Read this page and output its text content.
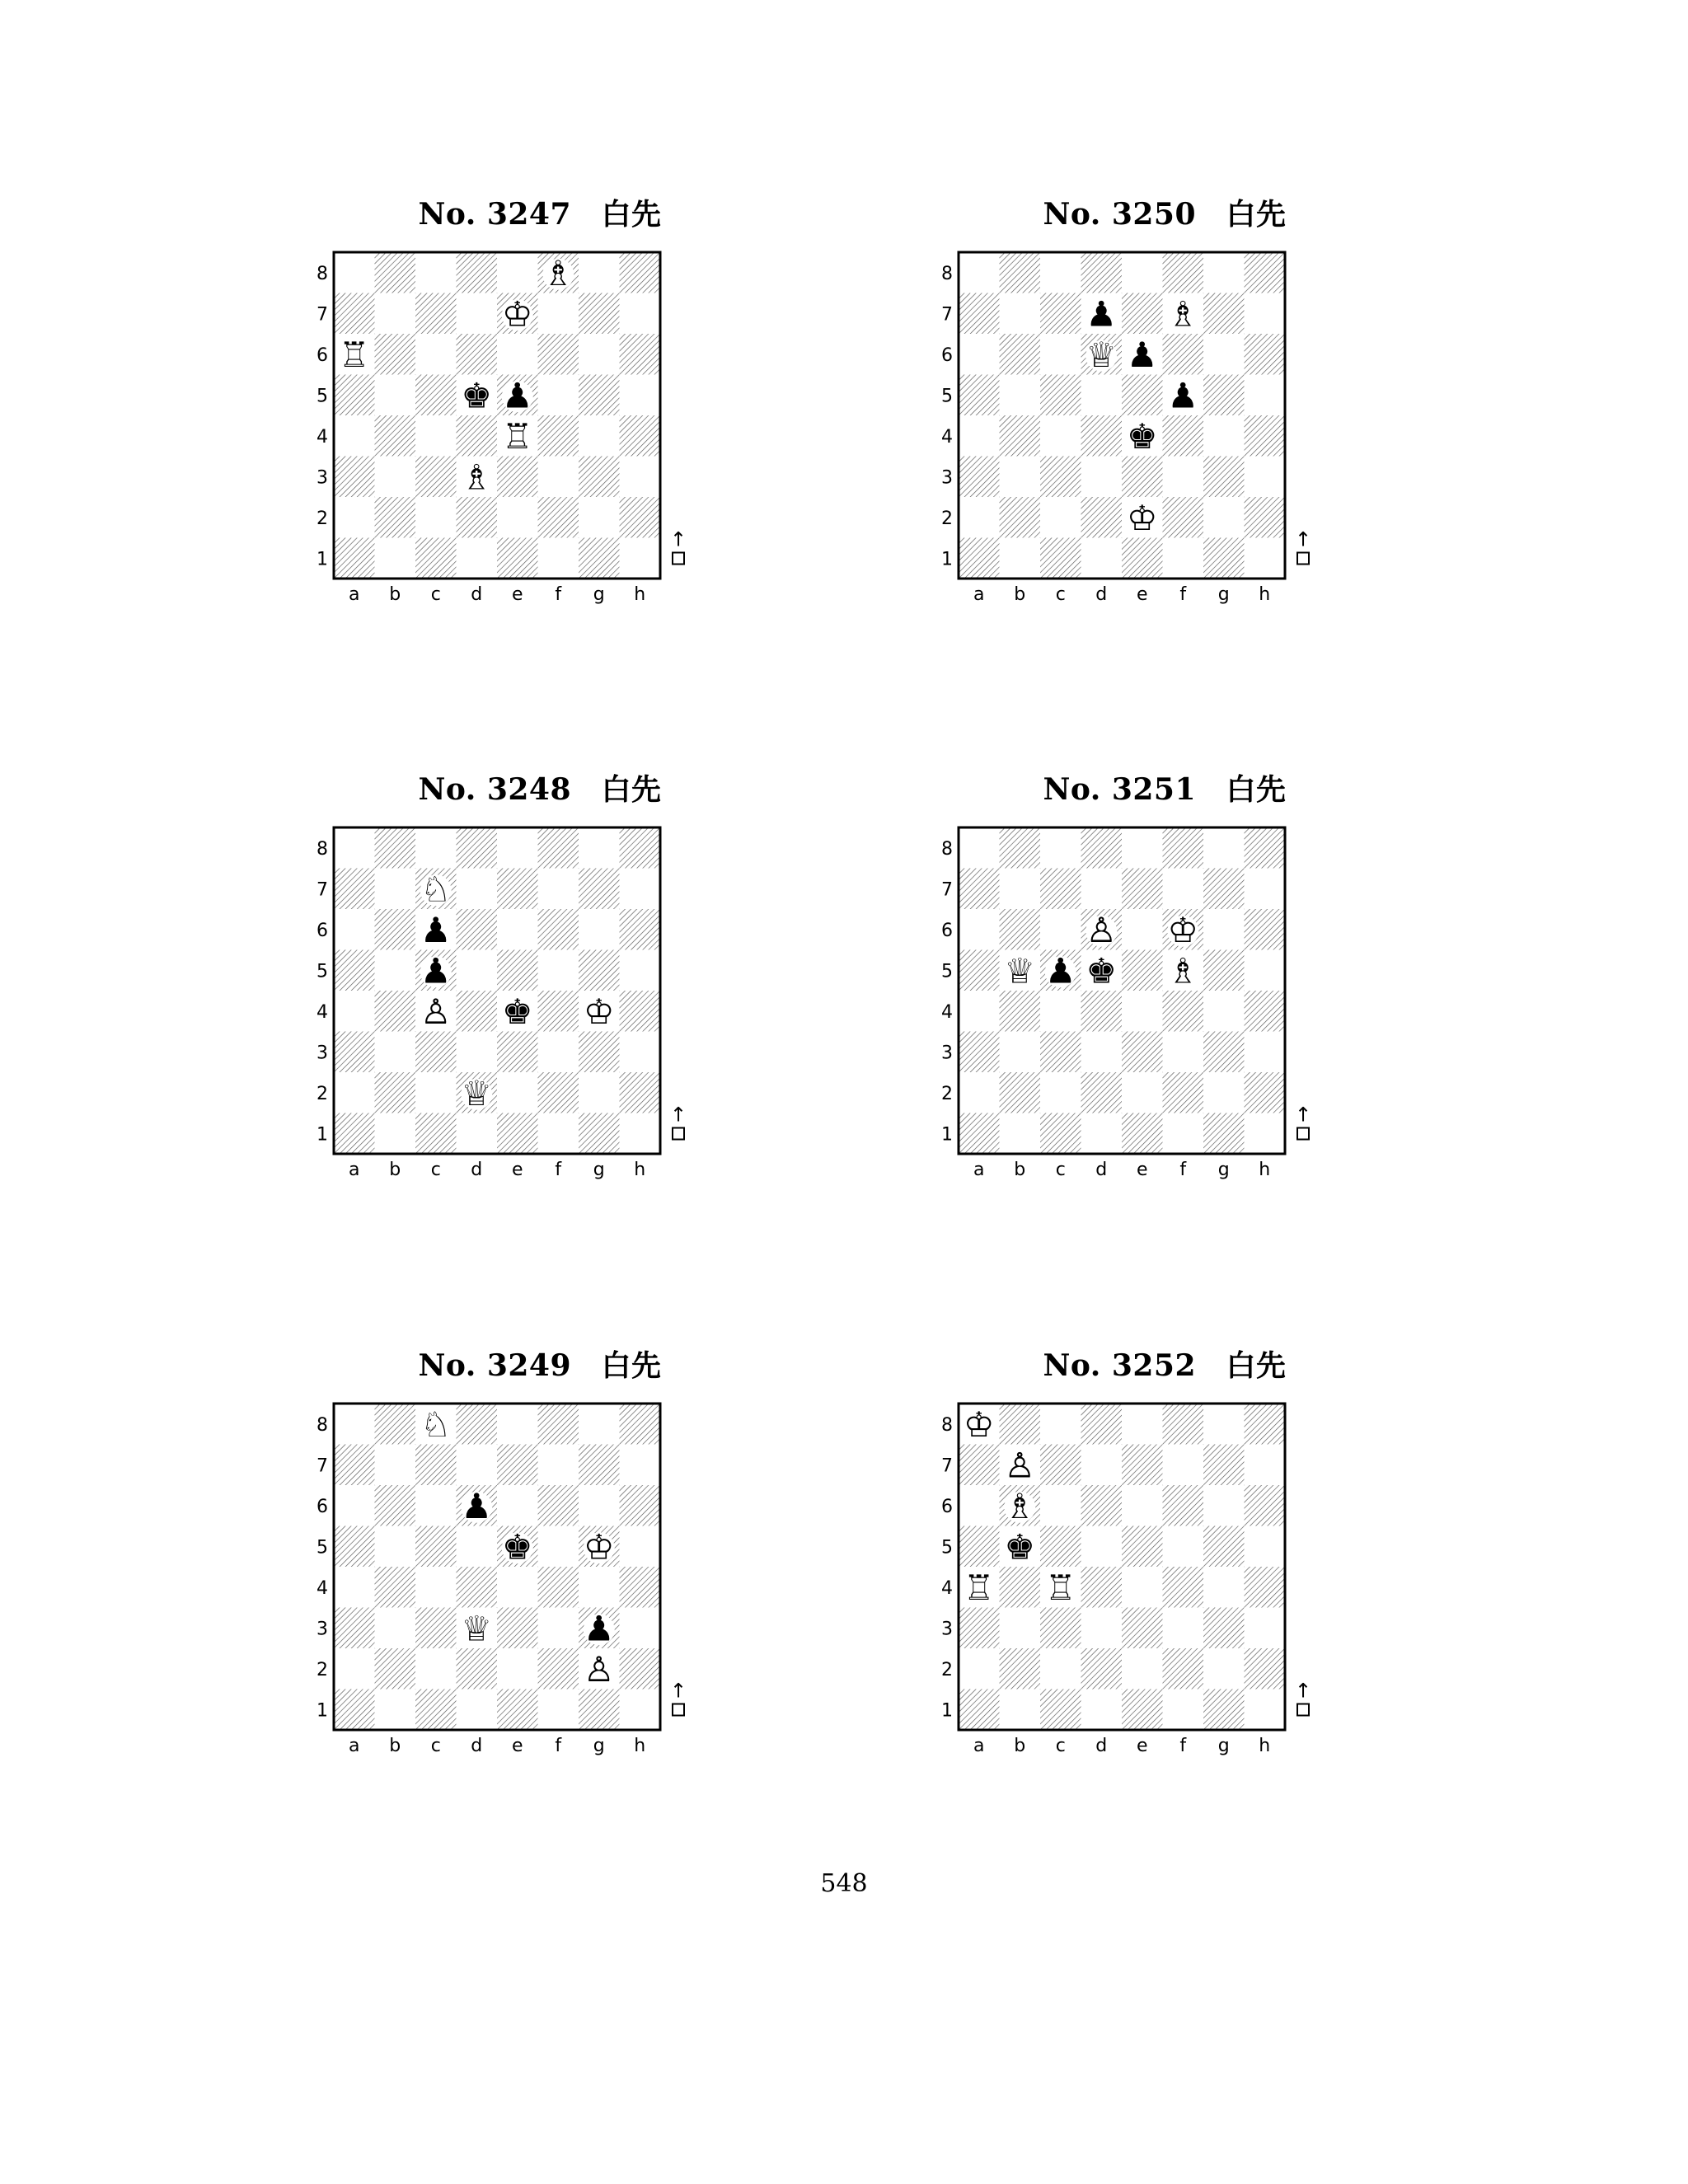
No. 3247　白先
8
7
6
5
4
3
2
1
a b c d e f g h
♗
♔
♖
♚ ♟
♖
♗
↑
No. 3248　白先
8
7
6
5
4
3
2
1
a b c d e f g h
♘
♟
♟
♙ ♚ ♔
♕
↑
No. 3249　白先
8
7
6
5
4
3
2
1
a b c d e f g h
♘
♟
♚ ♔
♕	♟
♙
↑
No. 3250　白先
8
7
6
5
4
3
2
1
a b c d e f g h
♟ ♗
♕ ♟
♟
♚
♔
↑
No. 3251　白先
8
7
6
5
4
3
2
1
a b c d e f g h
♙ ♔
♕ ♟ ♚ ♗
↑
No. 3252　白先
8
7
6
5
4
3
2
1
a b c d e f g h
♔
♙
♗
♚
♖ ♖
↑
548
